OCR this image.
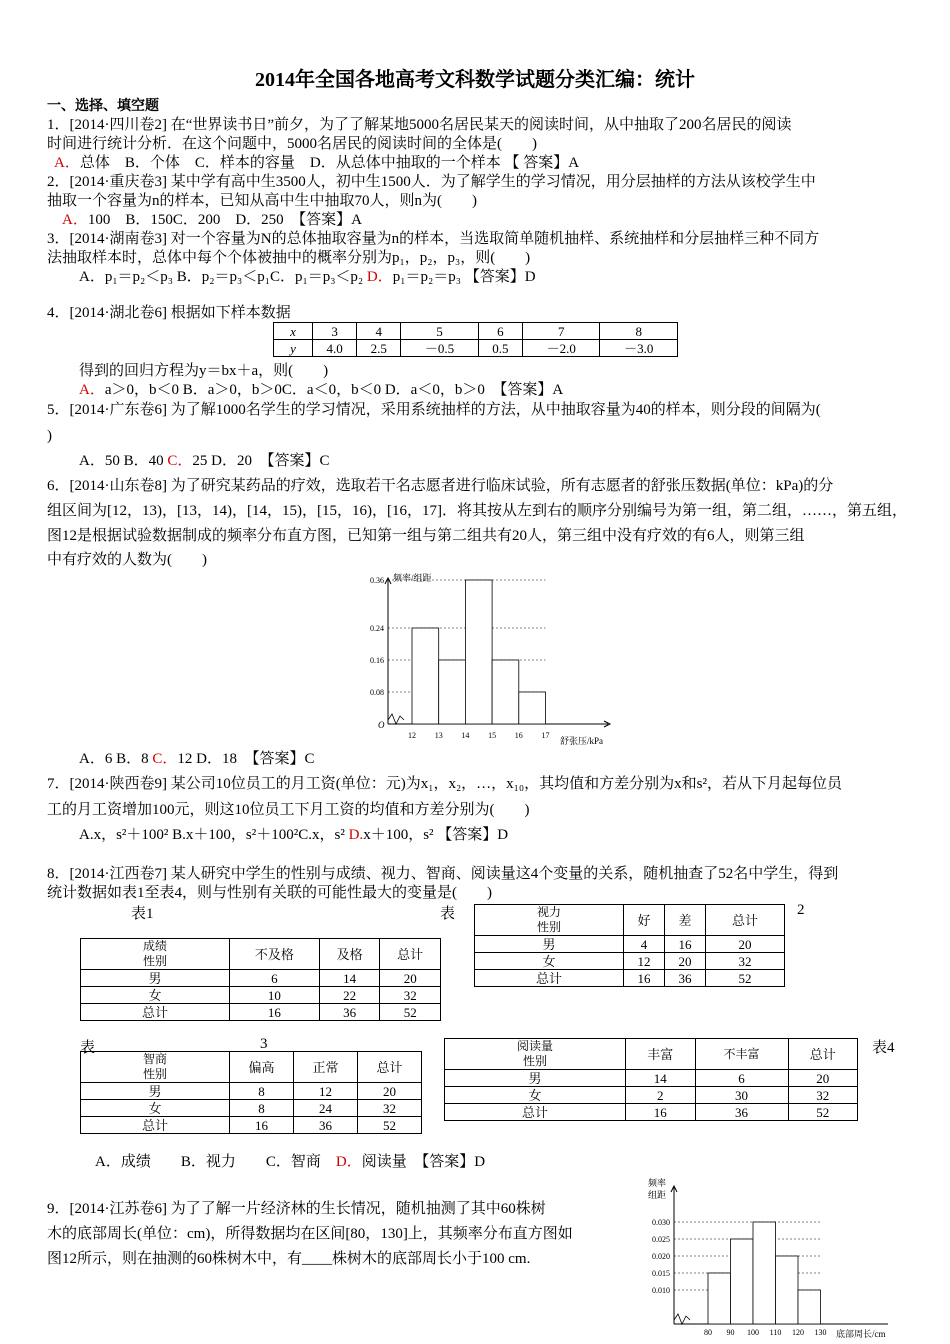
2014年全国各地高考文科数学试题分类汇编：统计
一、选择、填空题
1．[2014·四川卷2] 在“世界读书日”前夕，为了了解某地5000名居民某天的阅读时间，从中抽取了200名居民的阅读
时间进行统计分析．在这个问题中，5000名居民的阅读时间的全体是(　　)
A．总体　B．个体　C．样本的容量　D．从总体中抽取的一个样本 【 答案】A
2．[2014·重庆卷3] 某中学有高中生3500人，初中生1500人．为了解学生的学习情况，用分层抽样的方法从该校学生中
抽取一个容量为n的样本，已知从高中生中抽取70人，则n为(　　)
A．100　B．150C．200　D．250　【答案】A
3．[2014·湖南卷3] 对一个容量为N的总体抽取容量为n的样本，当选取简单随机抽样、系统抽样和分层抽样三种不同方
法抽取样本时，总体中每个个体被抽中的概率分别为p₁，p₂，p₃，则(　　)
A．p₁＝p₂＜p₃ B．p₂＝p₃＜p₁C．p₁＝p₃＜p₂ D．p₁＝p₂＝p₃ 【答案】D
4．[2014·湖北卷6] 根据如下样本数据
x	3	4	5	6	7	8
y	4.0	2.5	－0.5	0.5	－2.0	－3.0
得到的回归方程为y＝bx＋a，则(　　)
A．a＞0，b＜0 B．a＞0，b＞0C．a＜0，b＜0 D．a＜0，b＞0　【答案】A
5．[2014·广东卷6] 为了解1000名学生的学习情况，采用系统抽样的方法，从中抽取容量为40的样本，则分段的间隔为(
)
A．50 B．40 C．25 D．20　【答案】C
6．[2014·山东卷8] 为了研究某药品的疗效，选取若干名志愿者进行临床试验，所有志愿者的舒张压数据(单位：kPa)的分
组区间为[12，13)，[13，14)，[14，15)，[15，16)，[16，17]．将其按从左到右的顺序分别编号为第一组，第二组，……，第五组，
图12是根据试验数据制成的频率分布直方图，已知第一组与第二组共有20人，第三组中没有疗效的有6人，则第三组
中有疗效的人数为(　　)
频率/组距
舒张压/kPa
O
0.08
0.16
0.24
0.36
12 13 14 15 16 17
A．6 B．8 C．12 D．18　【答案】C
7．[2014·陕西卷9] 某公司10位员工的月工资(单位：元)为x₁，x₂，…，x₁₀，其均值和方差分别为x和s²，若从下月起每位员
工的月工资增加100元，则这10位员工下月工资的均值和方差分别为(　　)
A.x，s²＋100² B.x＋100，s²＋100²C.x，s² D.x＋100，s² 【答案】D
8．[2014·江西卷7] 某人研究中学生的性别与成绩、视力、智商、阅读量这4个变量的关系，随机抽查了52名中学生，得到
统计数据如表1至表4，则与性别有关联的可能性最大的变量是(　　)
表1	表	2
表	3	表4
成绩
性别	不及格	及格	总计
男	6	14	20
女	10	22	32
总计	16	36	52
视力
性别	好	差	总计
男	4	16	20
女	12	20	32
总计	16	36	52
智商
性别	偏高	正常	总计
男	8	12	20
女	8	24	32
总计	16	36	52
阅读量
性别	丰富	不丰富	总计
男	14	6	20
女	2	30	32
总计	16	36	52
A．成绩　　B．视力　　C．智商　D．阅读量　【答案】D
9．[2014·江苏卷6] 为了了解一片经济林的生长情况，随机抽测了其中60株树
木的底部周长(单位：cm)，所得数据均在区间[80，130]上，其频率分布直方图如
图12所示，则在抽测的60株树木中，有____株树木的底部周长小于100 cm.
频率
组距
底部周长/cm
0.010
0.015
0.020
0.025
0.030
80 90 100 110 120 130
